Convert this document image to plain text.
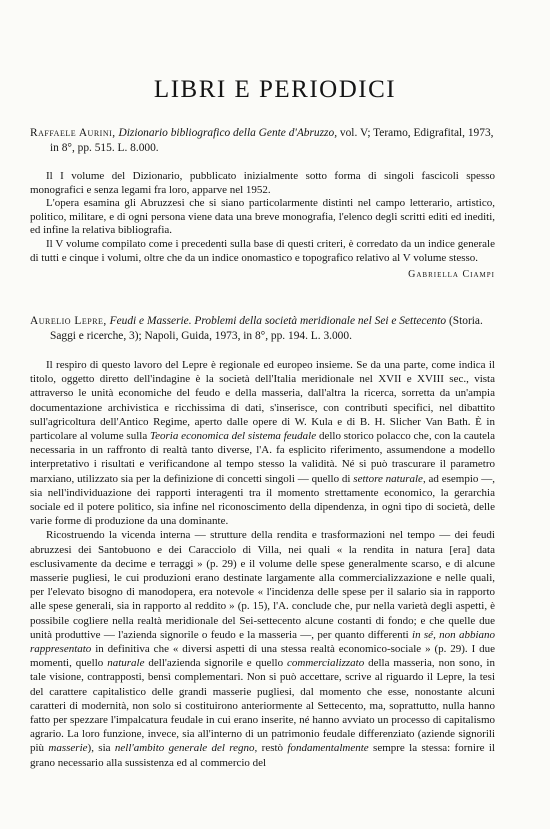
LIBRI E PERIODICI

Raffaele Aurini, Dizionario bibliografico della Gente d'Abruzzo, vol. V; Teramo, Edigrafital, 1973, in 8°, pp. 515. L. 8.000.

Il I volume del Dizionario, pubblicato inizialmente sotto forma di singoli fascicoli spesso monografici e senza legami fra loro, apparve nel 1952.

L'opera esamina gli Abruzzesi che si siano particolarmente distinti nel campo letterario, artistico, politico, militare, e di ogni persona viene data una breve monografia, l'elenco degli scritti editi ed inediti, ed infine la relativa bibliografia.

Il V volume compilato come i precedenti sulla base di questi criteri, è corredato da un indice generale di tutti e cinque i volumi, oltre che da un indice onomastico e topografico relativo al V volume stesso.

Gabriella Ciampi

Aurelio Lepre, Feudi e Masserie. Problemi della società meridionale nel Sei e Settecento (Storia. Saggi e ricerche, 3); Napoli, Guida, 1973, in 8°, pp. 194. L. 3.000.

Il respiro di questo lavoro del Lepre è regionale ed europeo insieme. Se da una parte, come indica il titolo, oggetto diretto dell'indagine è la società dell'Italia meridionale nel XVII e XVIII sec., vista attraverso le unità economiche del feudo e della masseria, dall'altra la ricerca, sorretta da un'ampia documentazione archivistica e ricchissima di dati, s'inserisce, con contributi specifici, nel dibattito sull'agricoltura dell'Antico Regime, aperto dalle opere di W. Kula e di B. H. Slicher Van Bath. È in particolare al volume sulla Teoria economica del sistema feudale dello storico polacco che, con la cautela necessaria in un raffronto di realtà tanto diverse, l'A. fa esplicito riferimento, assumendone a modello interpretativo i risultati e verificandone al tempo stesso la validità. Né si può trascurare il parametro marxiano, utilizzato sia per la definizione di concetti singoli — quello di settore naturale, ad esempio —, sia nell'individuazione dei rapporti interagenti tra il momento strettamente economico, la gerarchia sociale ed il potere politico, sia infine nel riconoscimento della dipendenza, in ogni tipo di società, delle varie forme di produzione da una dominante.

Ricostruendo la vicenda interna — strutture della rendita e trasformazioni nel tempo — dei feudi abruzzesi dei Santobuono e dei Caracciolo di Villa, nei quali « la rendita in natura [era] data esclusivamente da decime e terraggi » (p. 29) e il volume delle spese generalmente scarso, e di alcune masserie pugliesi, le cui produzioni erano destinate largamente alla commercializzazione e nelle quali, per l'elevato bisogno di manodopera, era notevole « l'incidenza delle spese per il salario sia in rapporto alle spese generali, sia in rapporto al reddito » (p. 15), l'A. conclude che, pur nella varietà degli aspetti, è possibile cogliere nella realtà meridionale del Sei-settecento alcune costanti di fondo; e che quelle due unità produttive — l'azienda signorile o feudo e la masseria —, per quanto differenti in sé, non abbiano rappresentato in definitiva che « diversi aspetti di una stessa realtà economico-sociale » (p. 29). I due momenti, quello naturale dell'azienda signorile e quello commercializzato della masseria, non sono, in tale visione, contrapposti, bensì complementari. Non si può accettare, scrive al riguardo il Lepre, la tesi del carattere capitalistico delle grandi masserie pugliesi, dal momento che esse, nonostante alcuni caratteri di modernità, non solo si costituirono anteriormente al Settecento, ma, soprattutto, nulla hanno fatto per spezzare l'impalcatura feudale in cui erano inserite, né hanno avviato un processo di capitalismo agrario. La loro funzione, invece, sia all'interno di un patrimonio feudale differenziato (aziende signorili più masserie), sia nell'ambito generale del regno, restò fondamentalmente sempre la stessa: fornire il grano necessario alla sussistenza ed al commercio del
